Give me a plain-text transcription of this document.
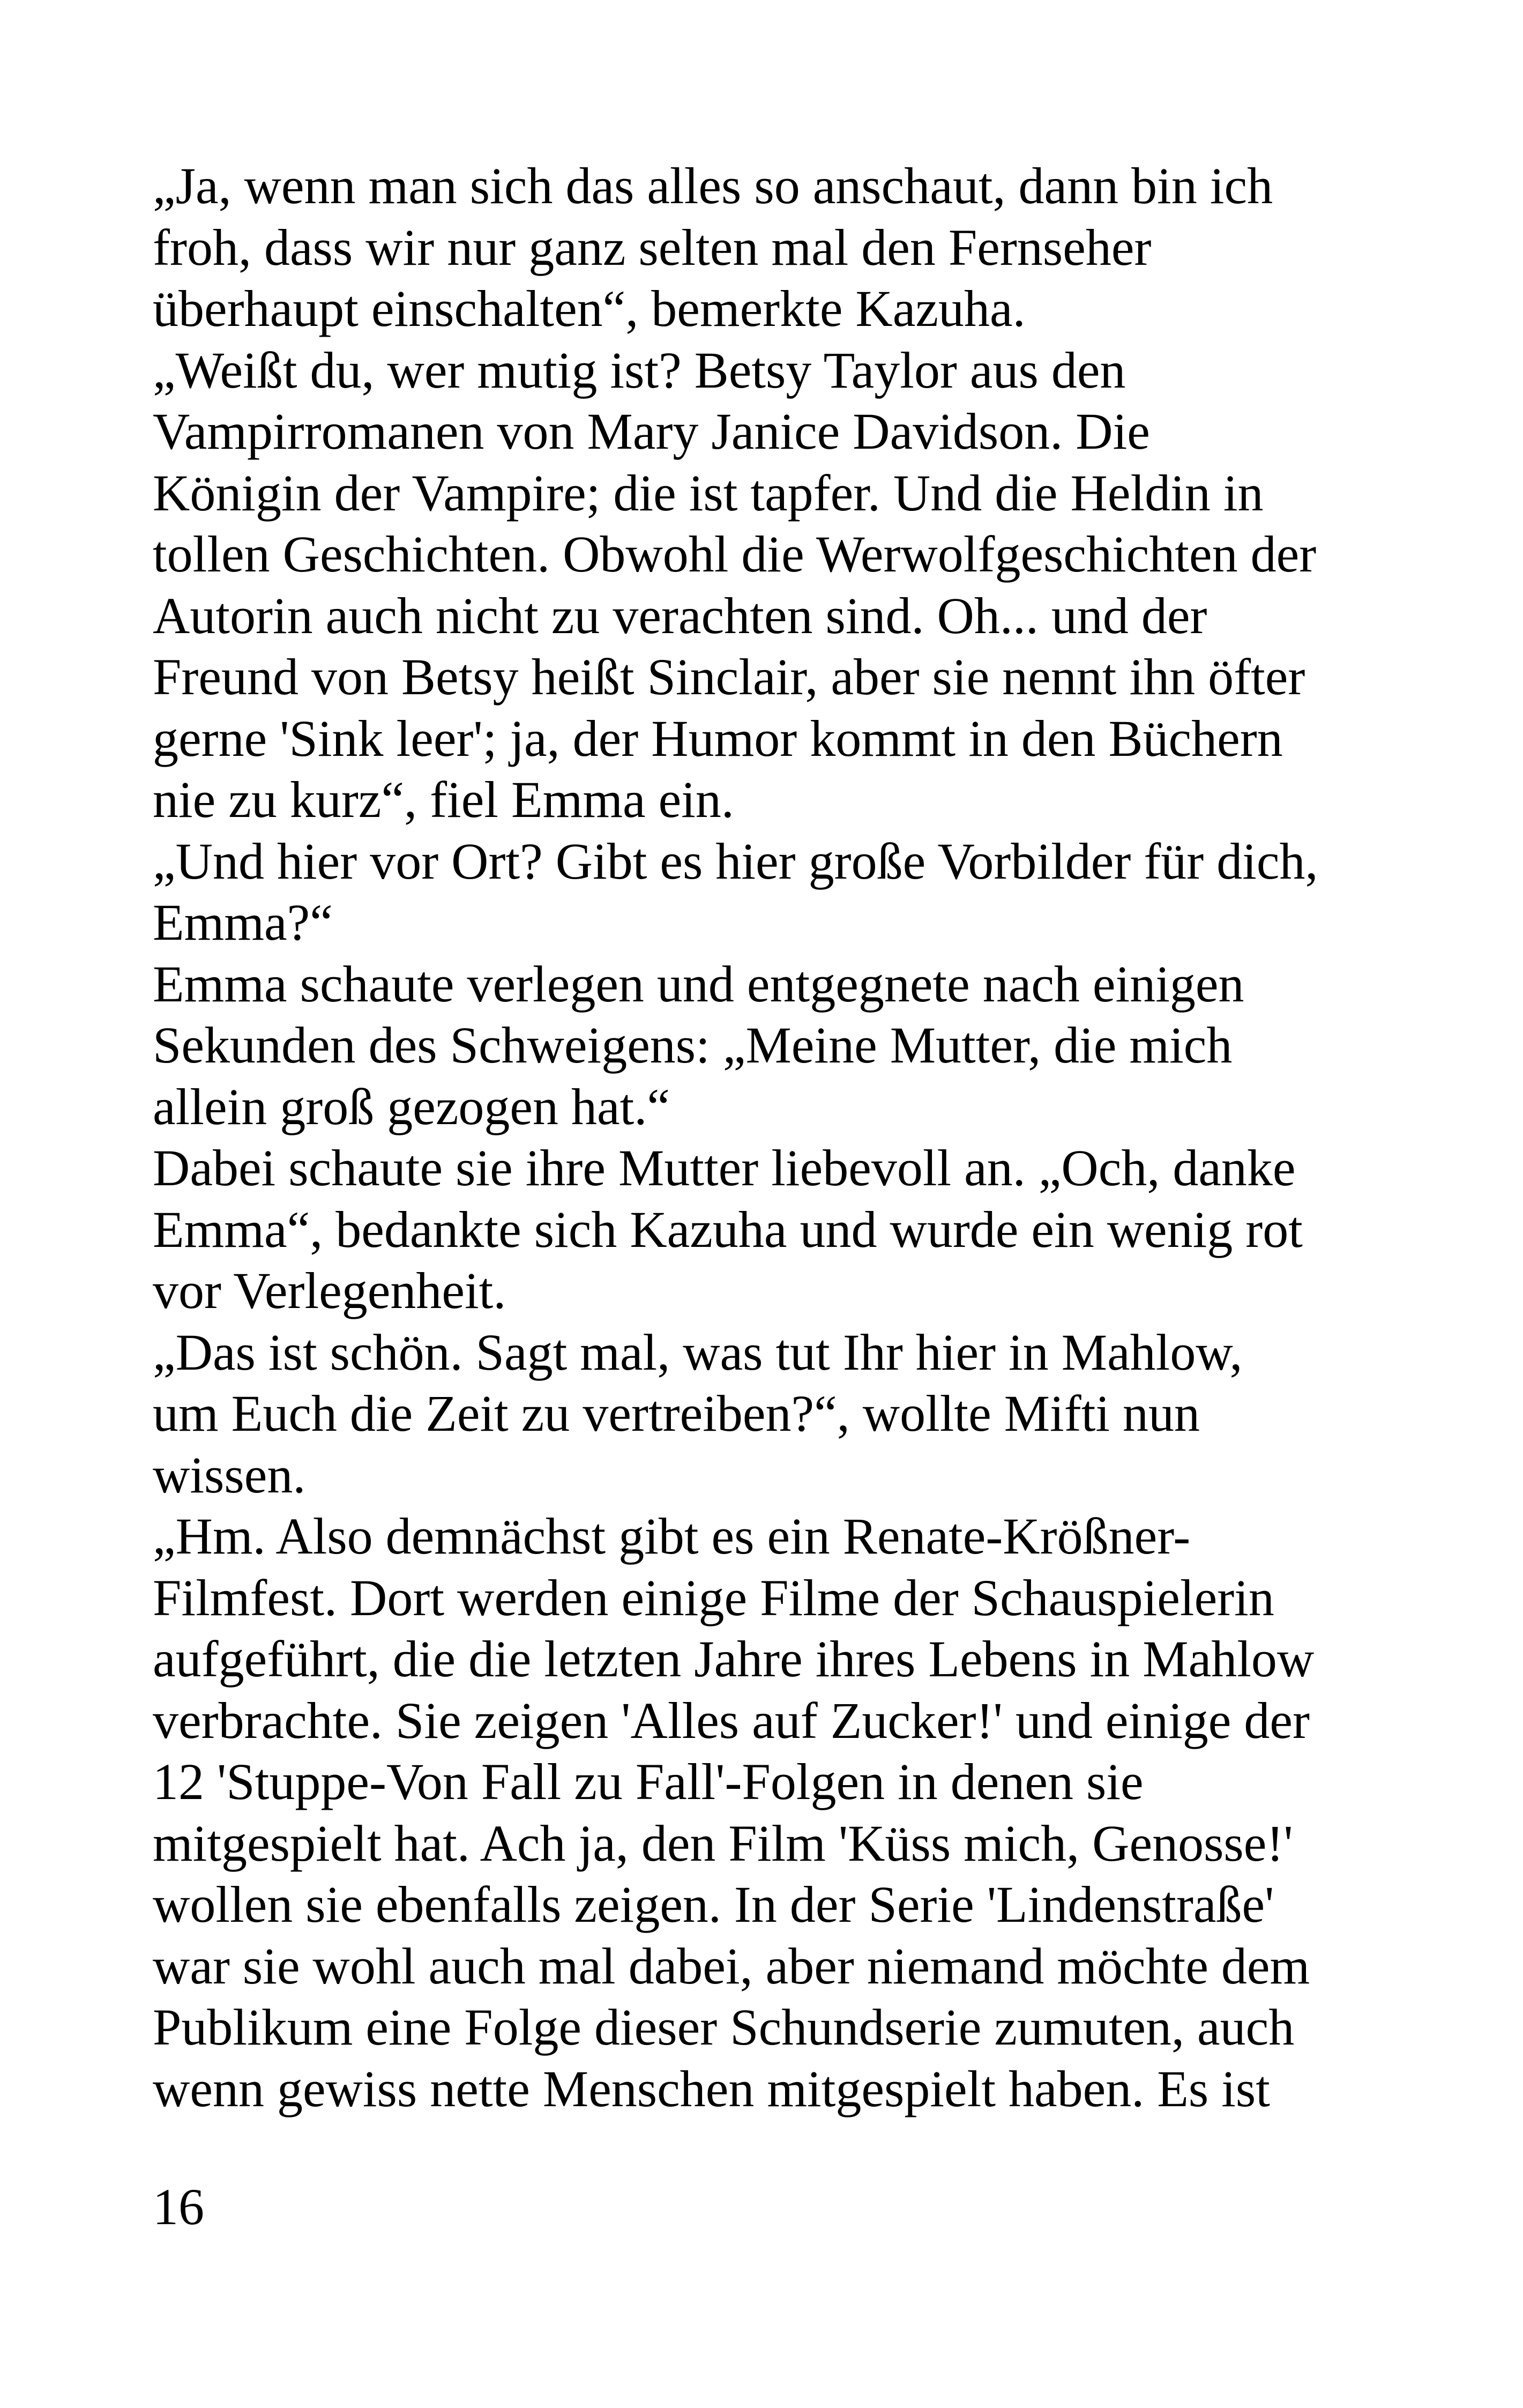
„Ja, wenn man sich das alles so anschaut, dann bin ich
froh, dass wir nur ganz selten mal den Fernseher
überhaupt einschalten“, bemerkte Kazuha.
„Weißt du, wer mutig ist? Betsy Taylor aus den
Vampirromanen von Mary Janice Davidson. Die
Königin der Vampire; die ist tapfer. Und die Heldin in
tollen Geschichten. Obwohl die Werwolfgeschichten der
Autorin auch nicht zu verachten sind. Oh... und der
Freund von Betsy heißt Sinclair, aber sie nennt ihn öfter
gerne 'Sink leer'; ja, der Humor kommt in den Büchern
nie zu kurz“, fiel Emma ein.
„Und hier vor Ort? Gibt es hier große Vorbilder für dich,
Emma?“
Emma schaute verlegen und entgegnete nach einigen
Sekunden des Schweigens: „Meine Mutter, die mich
allein groß gezogen hat.“
Dabei schaute sie ihre Mutter liebevoll an. „Och, danke
Emma“, bedankte sich Kazuha und wurde ein wenig rot
vor Verlegenheit.
„Das ist schön. Sagt mal, was tut Ihr hier in Mahlow,
um Euch die Zeit zu vertreiben?“, wollte Mifti nun
wissen.
„Hm. Also demnächst gibt es ein Renate-Krößner-
Filmfest. Dort werden einige Filme der Schauspielerin
aufgeführt, die die letzten Jahre ihres Lebens in Mahlow
verbrachte. Sie zeigen 'Alles auf Zucker!' und einige der
12 'Stuppe-Von Fall zu Fall'-Folgen in denen sie
mitgespielt hat. Ach ja, den Film 'Küss mich, Genosse!'
wollen sie ebenfalls zeigen. In der Serie 'Lindenstraße'
war sie wohl auch mal dabei, aber niemand möchte dem
Publikum eine Folge dieser Schundserie zumuten, auch
wenn gewiss nette Menschen mitgespielt haben. Es ist
16
